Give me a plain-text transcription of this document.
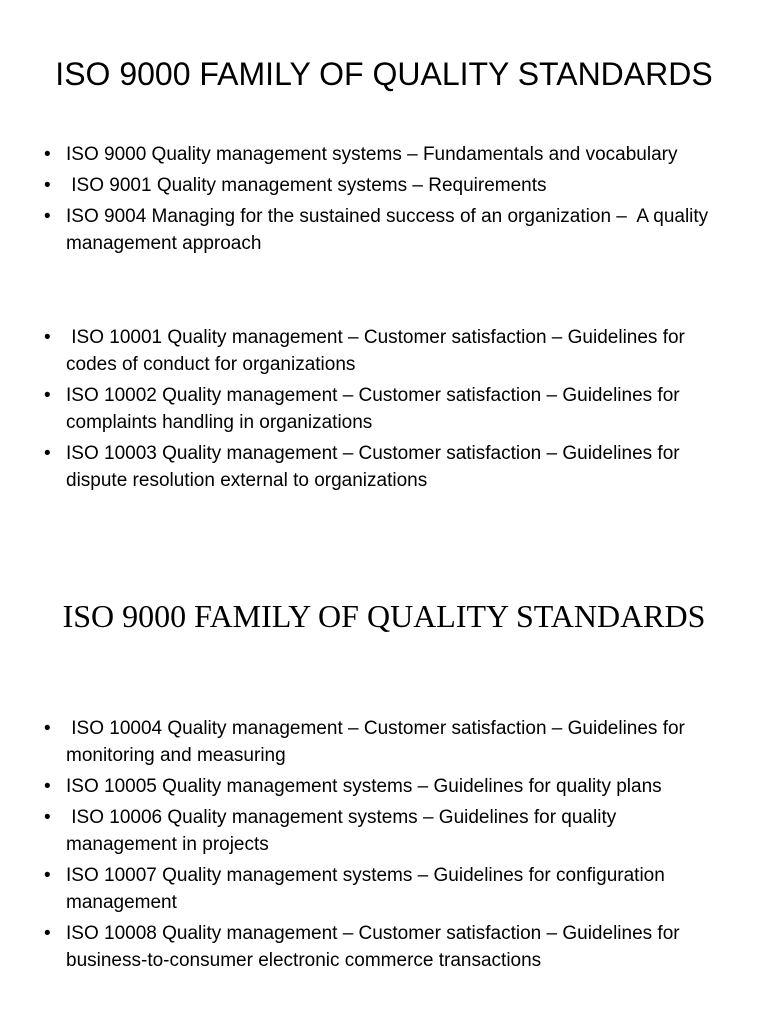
ISO 9000 FAMILY OF QUALITY STANDARDS
• ISO 9000 Quality management systems – Fundamentals and vocabulary
• ISO 9001 Quality management systems – Requirements
• ISO 9004 Managing for the sustained success of an organization –  A quality management approach
• ISO 10001 Quality management – Customer satisfaction – Guidelines for codes of conduct for organizations
• ISO 10002 Quality management – Customer satisfaction – Guidelines for complaints handling in organizations
• ISO 10003 Quality management – Customer satisfaction – Guidelines for dispute resolution external to organizations
ISO 9000 FAMILY OF QUALITY STANDARDS
• ISO 10004 Quality management – Customer satisfaction – Guidelines for monitoring and measuring
• ISO 10005 Quality management systems – Guidelines for quality plans
• ISO 10006 Quality management systems – Guidelines for quality management in projects
• ISO 10007 Quality management systems – Guidelines for configuration management
• ISO 10008 Quality management – Customer satisfaction – Guidelines for business-to-consumer electronic commerce transactions
